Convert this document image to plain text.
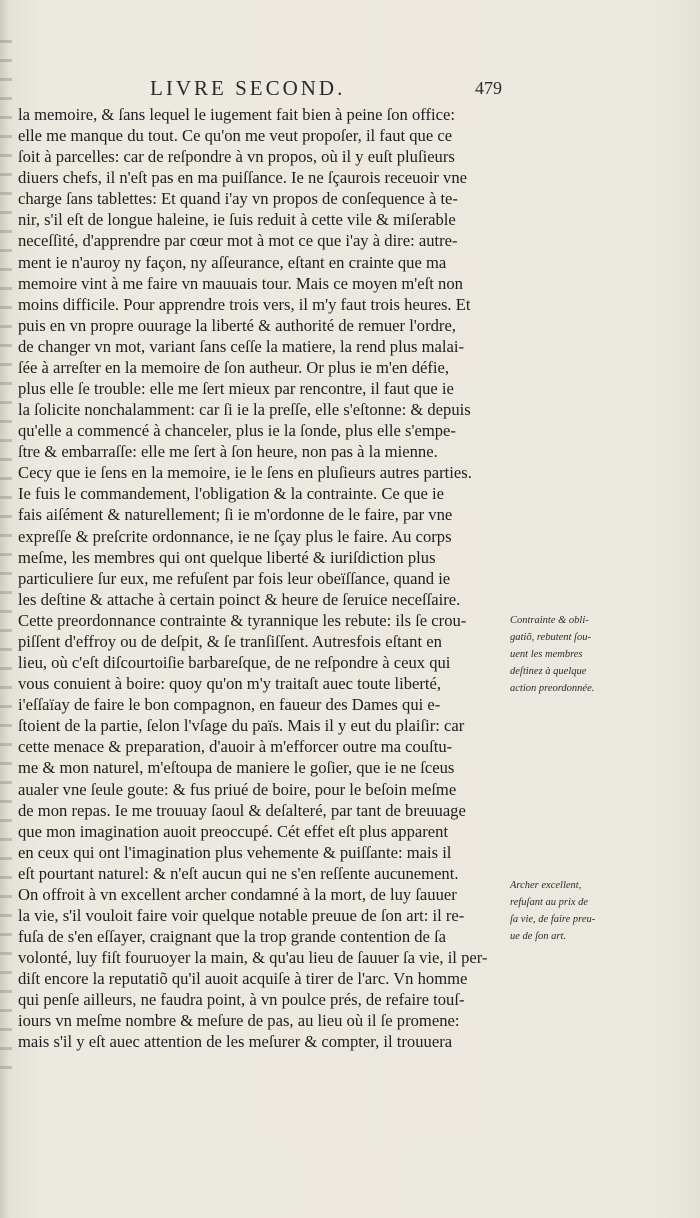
LIVRE SECOND.	479
la memoire, & ſans lequel le iugement fait bien à peine ſon office:
elle me manque du tout. Ce qu'on me veut propoſer, il faut que ce
ſoit à parcelles: car de reſpondre à vn propos, où il y euſt pluſieurs
diuers chefs, il n'eſt pas en ma puiſſance. Ie ne ſçaurois receuoir vne
charge ſans tablettes: Et quand i'ay vn propos de conſequence à te-
nir, s'il eſt de longue haleine, ie ſuis reduit à cette vile & miſerable
neceſſité, d'apprendre par cœur mot à mot ce que i'ay à dire: autre-
ment ie n'auroy ny façon, ny aſſeurance, eſtant en crainte que ma
memoire vint à me faire vn mauuais tour. Mais ce moyen m'eſt non
moins difficile. Pour apprendre trois vers, il m'y faut trois heures. Et
puis en vn propre ouurage la liberté & authorité de remuer l'ordre,
de changer vn mot, variant ſans ceſſe la matiere, la rend plus malai-
ſée à arreſter en la memoire de ſon autheur. Or plus ie m'en défie,
plus elle ſe trouble: elle me ſert mieux par rencontre, il faut que ie
la ſolicite nonchalamment: car ſi ie la preſſe, elle s'eſtonne: & depuis
qu'elle a commencé à chanceler, plus ie la ſonde, plus elle s'empe-
ſtre & embarraſſe: elle me ſert à ſon heure, non pas à la mienne.
Cecy que ie ſens en la memoire, ie le ſens en pluſieurs autres parties.
Ie fuis le commandement, l'obligation & la contrainte. Ce que ie
fais aiſément & naturellement; ſi ie m'ordonne de le faire, par vne
expreſſe & preſcrite ordonnance, ie ne ſçay plus le faire. Au corps
meſme, les membres qui ont quelque liberté & iuriſdiction plus
particuliere ſur eux, me refuſent par fois leur obeïſſance, quand ie
les deſtine & attache à certain poinct & heure de ſeruice neceſſaire.
Cette preordonnance contrainte & tyrannique les rebute: ils ſe crou-
piſſent d'effroy ou de deſpit, & ſe tranſiſſent. Autresfois eſtant en
lieu, où c'eſt diſcourtoiſie barbareſque, de ne reſpondre à ceux qui
vous conuient à boire: quoy qu'on m'y traitaſt auec toute liberté,
i'eſſaïay de faire le bon compagnon, en faueur des Dames qui e-
ſtoient de la partie, ſelon l'vſage du païs. Mais il y eut du plaiſir: car
cette menace & preparation, d'auoir à m'efforcer outre ma couſtu-
me & mon naturel, m'eſtoupa de maniere le goſier, que ie ne ſceus
aualer vne ſeule goute: & fus priué de boire, pour le beſoin meſme
de mon repas. Ie me trouuay ſaoul & deſalteré, par tant de breuuage
que mon imagination auoit preoccupé. Cét effet eſt plus apparent
en ceux qui ont l'imagination plus vehemente & puiſſante: mais il
eſt pourtant naturel: & n'eſt aucun qui ne s'en reſſente aucunement.
On offroit à vn excellent archer condamné à la mort, de luy ſauuer
la vie, s'il vouloit faire voir quelque notable preuue de ſon art: il re-
fuſa de s'en eſſayer, craignant que la trop grande contention de ſa
volonté, luy fiſt fouruoyer la main, & qu'au lieu de ſauuer ſa vie, il per-
diſt encore la reputatiõ qu'il auoit acquiſe à tirer de l'arc. Vn homme
qui penſe ailleurs, ne faudra point, à vn poulce prés, de refaire touſ-
iours vn meſme nombre & meſure de pas, au lieu où il ſe promene:
mais s'il y eſt auec attention de les meſurer & compter, il trouuera
Contrainte & obli-
gatiõ, rebutent ſou-
uent les membres
deſtinez à quelque
action preordonnée.
Archer excellent,
refuſant au prix de
ſa vie, de faire preu-
ue de ſon art.
